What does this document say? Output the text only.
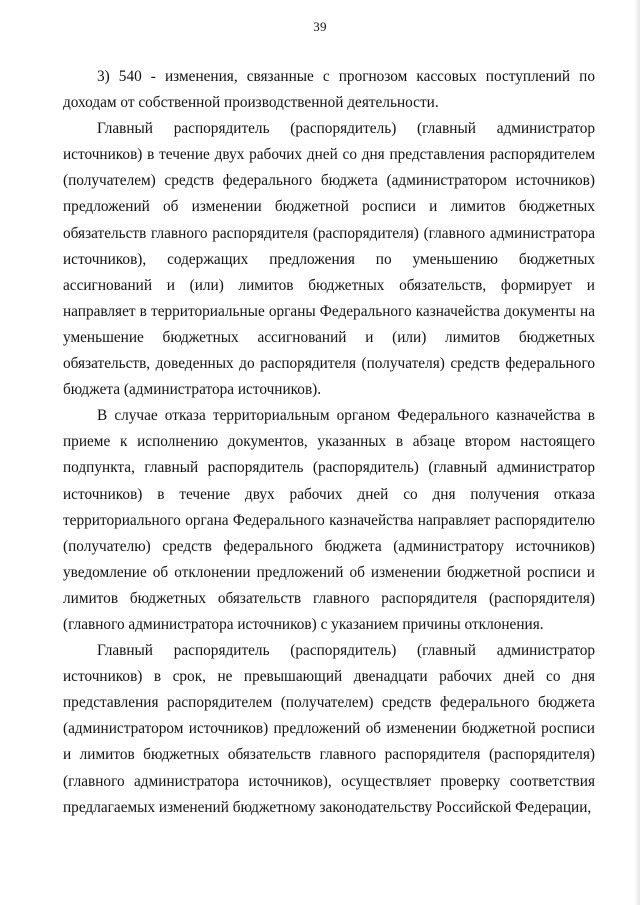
39

3) 540 - изменения, связанные с прогнозом кассовых поступлений по доходам от собственной производственной деятельности.

Главный распорядитель (распорядитель) (главный администратор источников) в течение двух рабочих дней со дня представления распорядителем (получателем) средств федерального бюджета (администратором источников) предложений об изменении бюджетной росписи и лимитов бюджетных обязательств главного распорядителя (распорядителя) (главного администратора источников), содержащих предложения по уменьшению бюджетных ассигнований и (или) лимитов бюджетных обязательств, формирует и направляет в территориальные органы Федерального казначейства документы на уменьшение бюджетных ассигнований и (или) лимитов бюджетных обязательств, доведенных до распорядителя (получателя) средств федерального бюджета (администратора источников).

В случае отказа территориальным органом Федерального казначейства в приеме к исполнению документов, указанных в абзаце втором настоящего подпункта, главный распорядитель (распорядитель) (главный администратор источников) в течение двух рабочих дней со дня получения отказа территориального органа Федерального казначейства направляет распорядителю (получателю) средств федерального бюджета (администратору источников) уведомление об отклонении предложений об изменении бюджетной росписи и лимитов бюджетных обязательств главного распорядителя (распорядителя) (главного администратора источников) с указанием причины отклонения.

Главный распорядитель (распорядитель) (главный администратор источников) в срок, не превышающий двенадцати рабочих дней со дня представления распорядителем (получателем) средств федерального бюджета (администратором источников) предложений об изменении бюджетной росписи и лимитов бюджетных обязательств главного распорядителя (распорядителя) (главного администратора источников), осуществляет проверку соответствия предлагаемых изменений бюджетному законодательству Российской Федерации,
